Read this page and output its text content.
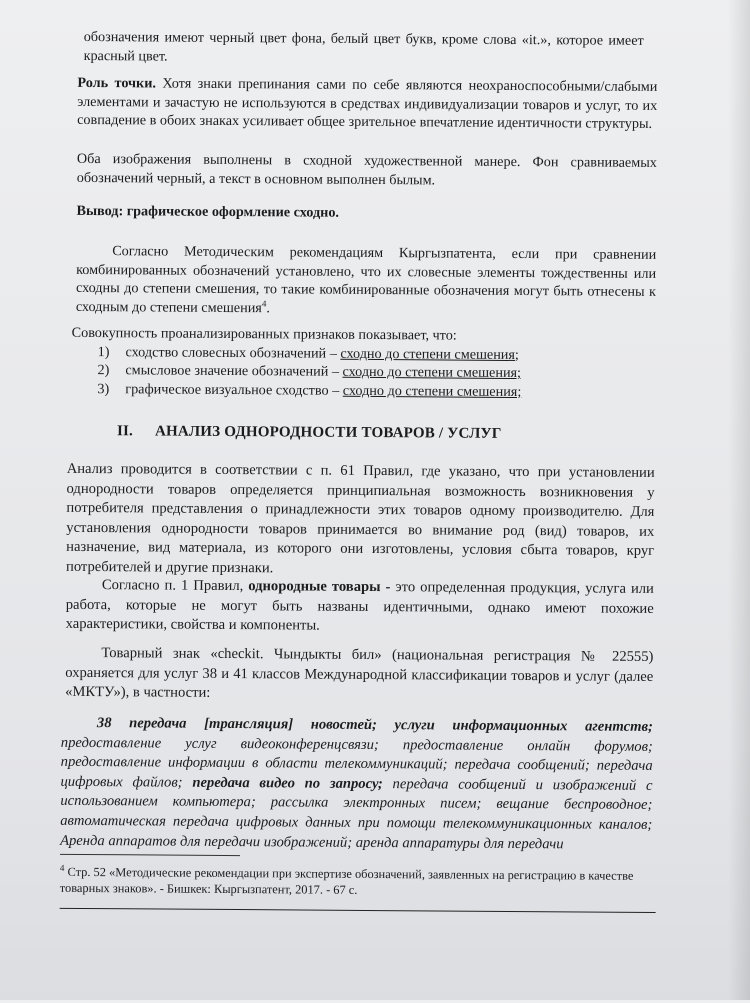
обозначения имеют черный цвет фона, белый цвет букв, кроме слова «it.», которое имеет красный цвет.

Роль точки. Хотя знаки препинания сами по себе являются неохраноспособными/слабыми элементами и зачастую не используются в средствах индивидуализации товаров и услуг, то их совпадение в обоих знаках усиливает общее зрительное впечатление идентичности структуры.

Оба изображения выполнены в сходной художественной манере. Фон сравниваемых обозначений черный, а текст в основном выполнен былым.

Вывод: графическое оформление сходно.

Согласно Методическим рекомендациям Кыргызпатента, если при сравнении комбинированных обозначений установлено, что их словесные элементы тождественны или сходны до степени смешения, то такие комбинированные обозначения могут быть отнесены к сходным до степени смешения$^4$.

Совокупность проанализированных признаков показывает, что:

1)	сходство словесных обозначений – сходно до степени смешения;
2)	смысловое значение обозначений – сходно до степени смешения;
3)	графическое визуальное сходство – сходно до степени смешения;
II. АНАЛИЗ ОДНОРОДНОСТИ ТОВАРОВ / УСЛУГ

Анализ проводится в соответствии с п. 61 Правил, где указано, что при установлении однородности товаров определяется принципиальная возможность возникновения у потребителя представления о принадлежности этих товаров одному производителю. Для установления однородности товаров принимается во внимание род (вид) товаров, их назначение, вид материала, из которого они изготовлены, условия сбыта товаров, круг потребителей и другие признаки.

Согласно п. 1 Правил, однородные товары - это определенная продукция, услуга или работа, которые не могут быть названы идентичными, однако имеют похожие характеристики, свойства и компоненты.

Товарный знак «checkit. Чындыкты бил» (национальная регистрация № 22555) охраняется для услуг 38 и 41 классов Международной классификации товаров и услуг (далее «МКТУ»), в частности:

38 передача [трансляция] новостей; услуги информационных агентств; предоставление услуг видеоконференцсвязи; предоставление онлайн форумов; предоставление информации в области телекоммуникаций; передача сообщений; передача цифровых файлов; передача видео по запросу; передача сообщений и изображений с использованием компьютера; рассылка электронных писем; вещание беспроводное; автоматическая передача цифровых данных при помощи телекоммуникационных каналов; Аренда аппаратов для передачи изображений; аренда аппаратуры для передачи

$^4$ Стр. 52 «Методические рекомендации при экспертизе обозначений, заявленных на регистрацию в качестве товарных знаков». - Бишкек: Кыргызпатент, 2017. - 67 с.
